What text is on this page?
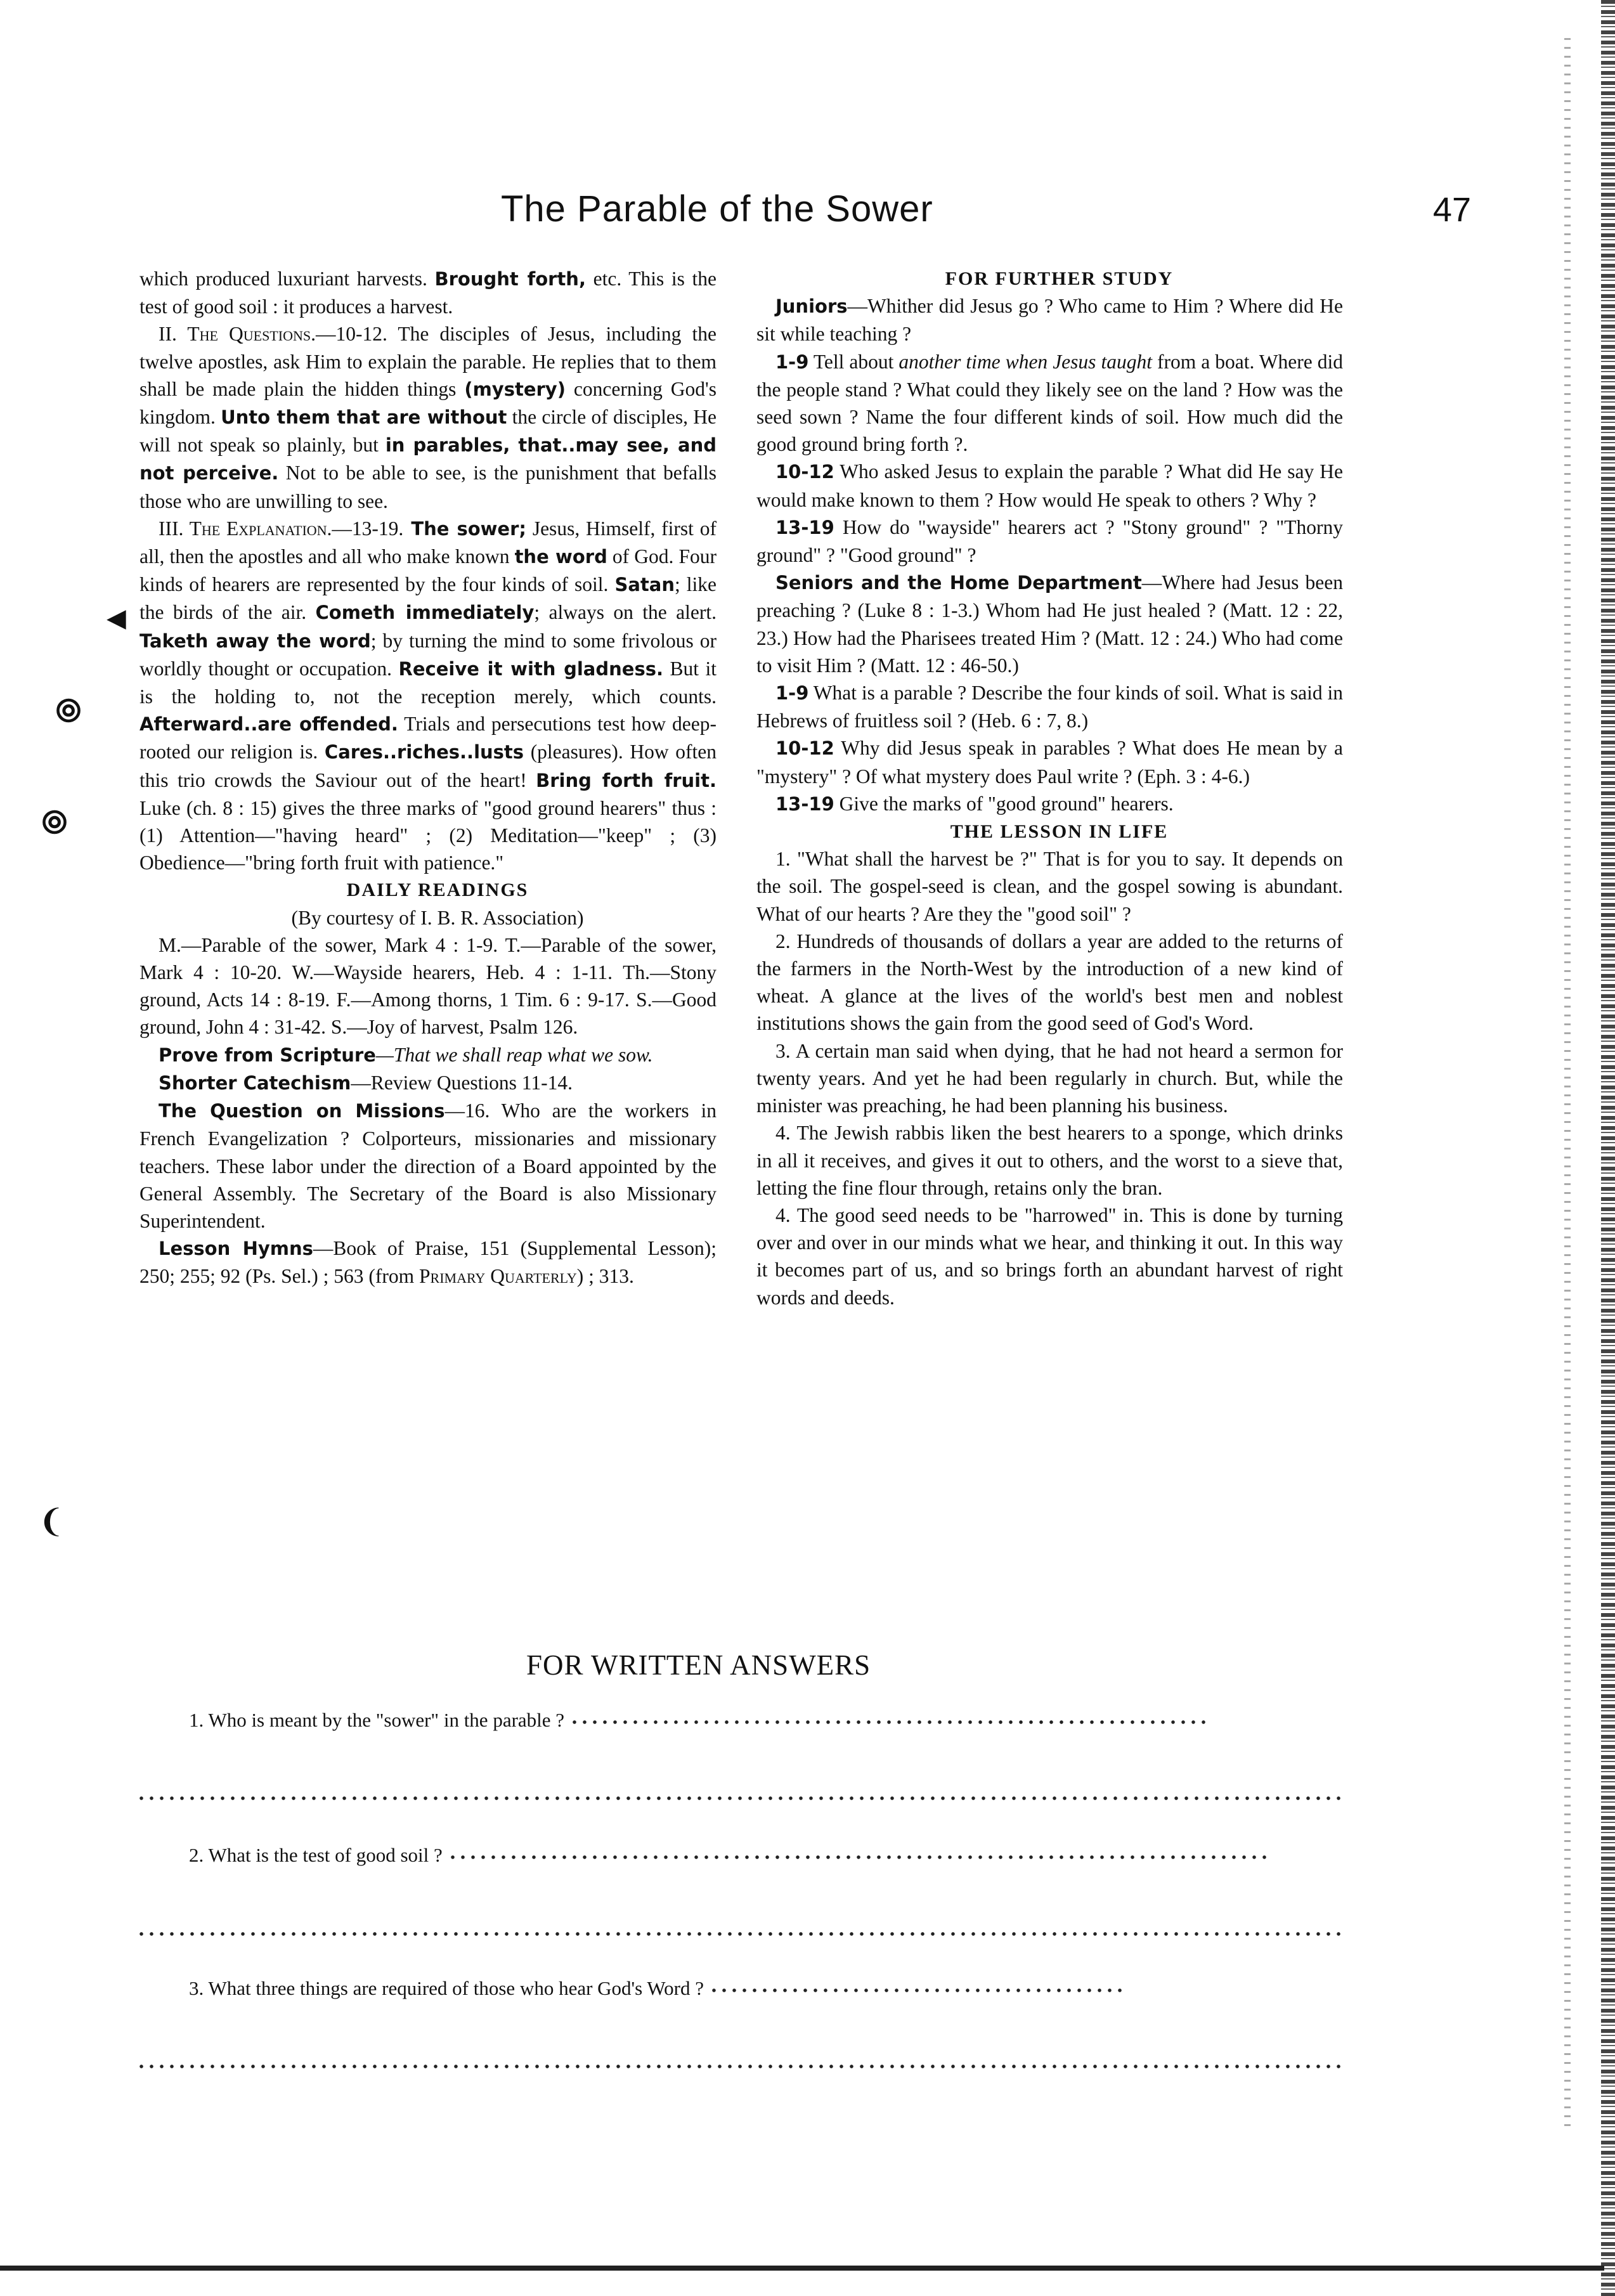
The Parable of the Sower	47
◀
⦾
⦾
❨

which produced luxuriant harvests. Brought forth, etc. This is the test of good soil : it produces a harvest.

II. The Questions.—10-12. The disciples of Jesus, including the twelve apostles, ask Him to explain the parable. He replies that to them shall be made plain the hidden things (mystery) concerning God's kingdom. Unto them that are without the circle of disciples, He will not speak so plainly, but in parables, that..may see, and not perceive. Not to be able to see, is the punishment that befalls those who are unwilling to see.

III. The Explanation.—13-19. The sower; Jesus, Himself, first of all, then the apostles and all who make known the word of God. Four kinds of hearers are represented by the four kinds of soil. Satan; like the birds of the air. Cometh immediately; always on the alert. Taketh away the word; by turning the mind to some frivolous or worldly thought or occupation. Receive it with gladness. But it is the holding to, not the reception merely, which counts. Afterward..are offended. Trials and persecutions test how deep-rooted our religion is. Cares..riches..lusts (pleasures). How often this trio crowds the Saviour out of the heart! Bring forth fruit. Luke (ch. 8 : 15) gives the three marks of "good ground hearers" thus : (1) Attention—"having heard" ; (2) Meditation—"keep" ; (3) Obedience—"bring forth fruit with patience."

DAILY READINGS

(By courtesy of I. B. R. Association)

M.—Parable of the sower, Mark 4 : 1-9. T.—Parable of the sower, Mark 4 : 10-20. W.—Wayside hearers, Heb. 4 : 1-11. Th.—Stony ground, Acts 14 : 8-19. F.—Among thorns, 1 Tim. 6 : 9-17. S.—Good ground, John 4 : 31-42. S.—Joy of harvest, Psalm 126.

Prove from Scripture—That we shall reap what we sow.

Shorter Catechism—Review Questions 11-14.

The Question on Missions—16. Who are the workers in French Evangelization ? Colporteurs, missionaries and missionary teachers. These labor under the direction of a Board appointed by the General Assembly. The Secretary of the Board is also Missionary Superintendent.

Lesson Hymns—Book of Praise, 151 (Supplemental Lesson); 250; 255; 92 (Ps. Sel.) ; 563 (from Primary Quarterly) ; 313.

FOR FURTHER STUDY

Juniors—Whither did Jesus go ? Who came to Him ? Where did He sit while teaching ?

1-9 Tell about another time when Jesus taught from a boat. Where did the people stand ? What could they likely see on the land ? How was the seed sown ? Name the four different kinds of soil. How much did the good ground bring forth ?.

10-12 Who asked Jesus to explain the parable ? What did He say He would make known to them ? How would He speak to others ? Why ?

13-19 How do "wayside" hearers act ? "Stony ground" ? "Thorny ground" ? "Good ground" ?

Seniors and the Home Department—Where had Jesus been preaching ? (Luke 8 : 1-3.) Whom had He just healed ? (Matt. 12 : 22, 23.) How had the Pharisees treated Him ? (Matt. 12 : 24.) Who had come to visit Him ? (Matt. 12 : 46-50.)

1-9 What is a parable ? Describe the four kinds of soil. What is said in Hebrews of fruitless soil ? (Heb. 6 : 7, 8.)

10-12 Why did Jesus speak in parables ? What does He mean by a "mystery" ? Of what mystery does Paul write ? (Eph. 3 : 4-6.)

13-19 Give the marks of "good ground" hearers.

THE LESSON IN LIFE

1. "What shall the harvest be ?" That is for you to say. It depends on the soil. The gospel-seed is clean, and the gospel sowing is abundant. What of our hearts ? Are they the "good soil" ?

2. Hundreds of thousands of dollars a year are added to the returns of the farmers in the North-West by the introduction of a new kind of wheat. A glance at the lives of the world's best men and noblest institutions shows the gain from the good seed of God's Word.

3. A certain man said when dying, that he had not heard a sermon for twenty years. And yet he had been regularly in church. But, while the minister was preaching, he had been planning his business.

4. The Jewish rabbis liken the best hearers to a sponge, which drinks in all it receives, and gives it out to others, and the worst to a sieve that, letting the fine flour through, retains only the bran.

4. The good seed needs to be "harrowed" in. This is done by turning over and over in our minds what we hear, and thinking it out. In this way it becomes part of us, and so brings forth an abundant harvest of right words and deeds.

FOR WRITTEN ANSWERS
1. Who is meant by the "sower" in the parable ?
2. What is the test of good soil ?
3. What three things are required of those who hear God's Word ?
